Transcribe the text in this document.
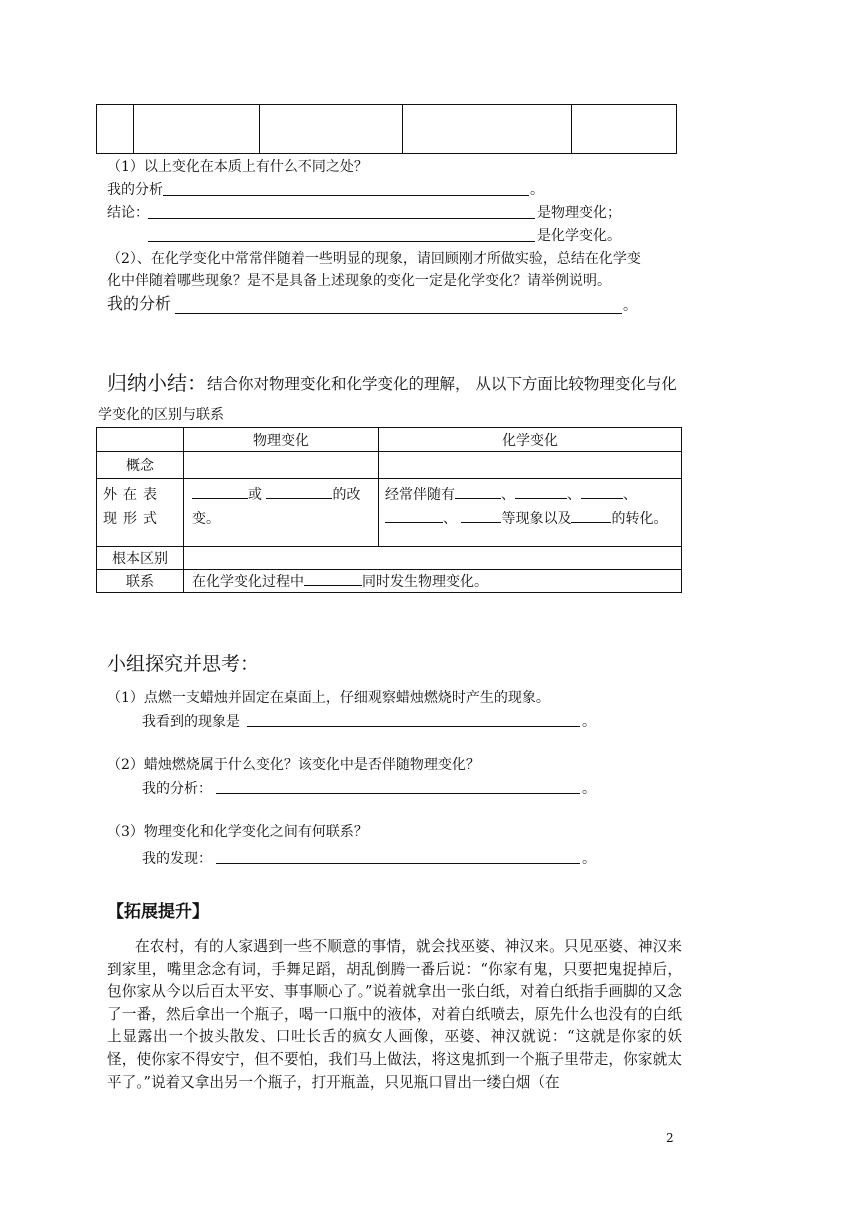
（1）以上变化在本质上有什么不同之处？
我的分析	。
结论：	是物理变化；
是化学变化。
（2）、在化学变化中常常伴随着一些明显的现象，请回顾刚才所做实验，总结在化学变
化中伴随着哪些现象？是不是具备上述现象的变化一定是化学变化？请举例说明。
我的分析	。
归纳小结： 结合你对物理变化和化学变化的理解， 从以下方面比较物理变化与化
学变化的区别与联系
	物理变化	化学变化
概念		

外在表现形式	或 的改变。	经常伴随有 、 、 、
、 等现象以及 的转化。
根本区别		
联系	在化学变化过程中 同时发生物理变化。	
小组探究并思考：
（1）点燃一支蜡烛并固定在桌面上，仔细观察蜡烛燃烧时产生的现象。
我看到的现象是	。
（2）蜡烛燃烧属于什么变化？该变化中是否伴随物理变化？
我的分析：	。
（3）物理变化和化学变化之间有何联系？
我的发现：	。
【拓展提升】
在农村，有的人家遇到一些不顺意的事情，就会找巫婆、神汉来。只见巫婆、神汉来到家里，嘴里念念有词，手舞足蹈，胡乱倒腾一番后说：“你家有鬼，只要把鬼捉掉后，包你家从今以后百太平安、事事顺心了。”说着就拿出一张白纸，对着白纸指手画脚的又念了一番，然后拿出一个瓶子，喝一口瓶中的液体，对着白纸喷去，原先什么也没有的白纸上显露出一个披头散发、口吐长舌的疯女人画像，巫婆、神汉就说：“这就是你家的妖怪，使你家不得安宁，但不要怕，我们马上做法，将这鬼抓到一个瓶子里带走，你家就太平了。”说着又拿出另一个瓶子，打开瓶盖，只见瓶口冒出一缕白烟（在
2
